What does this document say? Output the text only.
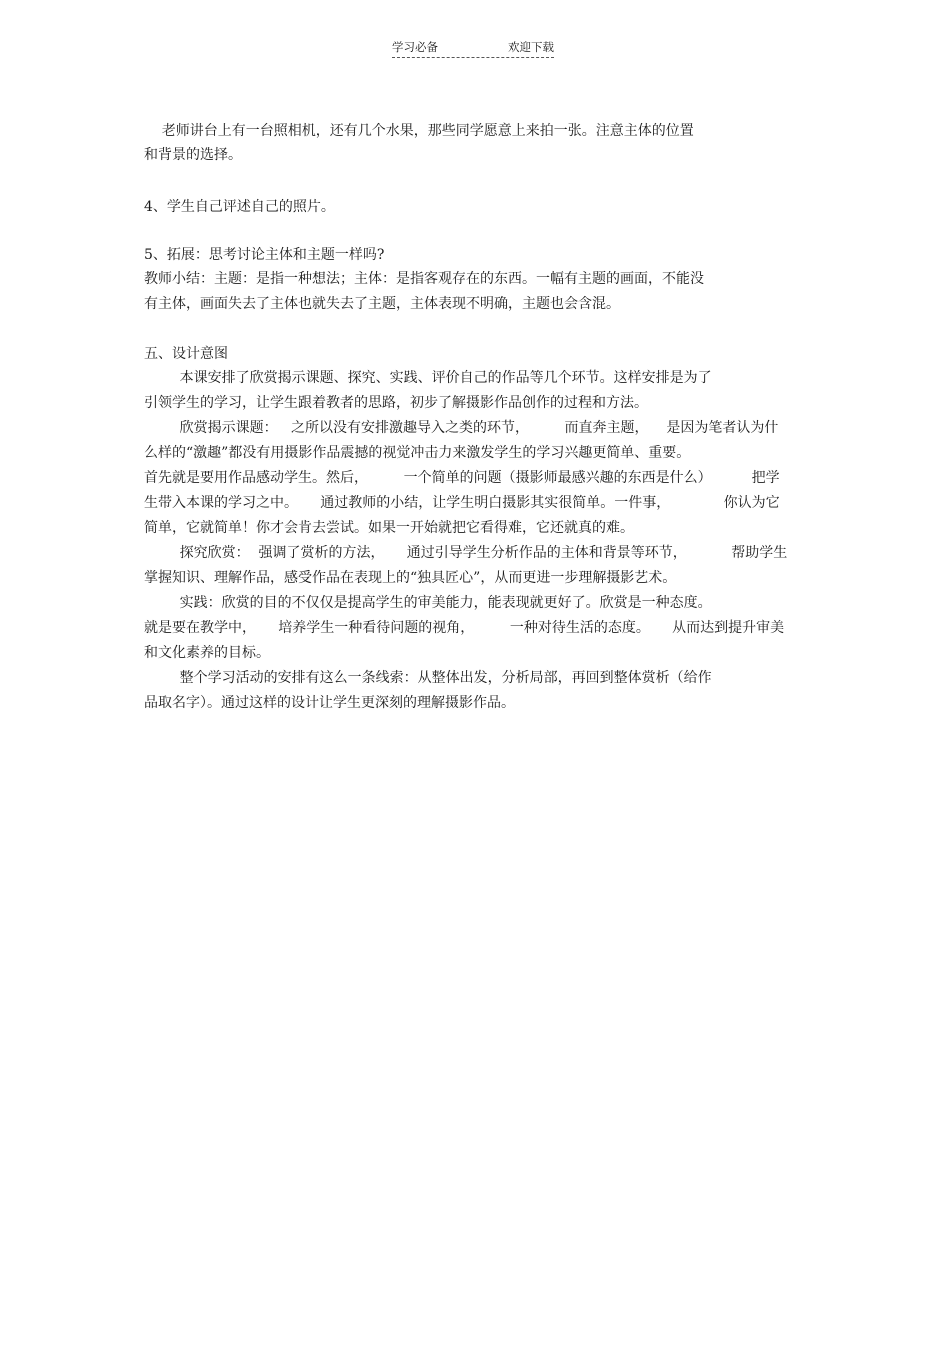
学习必备	欢迎下载
老师讲台上有一台照相机，还有几个水果，那些同学愿意上来拍一张。注意主体的位置
和背景的选择。
4、学生自己评述自己的照片。
5、拓展：思考讨论主体和主题一样吗?
教师小结：主题：是指一种想法；主体：是指客观存在的东西。一幅有主题的画面，不能没
有主体，画面失去了主体也就失去了主题，主体表现不明确，主题也会含混。
五、设计意图
本课安排了欣赏揭示课题、探究、实践、评价自己的作品等几个环节。这样安排是为了
引领学生的学习，让学生跟着教者的思路，初步了解摄影作品创作的过程和方法。
欣赏揭示课题：   之所以没有安排激趣导入之类的环节，        而直奔主题，    是因为笔者认为什
么样的“激趣”都没有用摄影作品震撼的视觉冲击力来激发学生的学习兴趣更简单、重要。
首先就是要用作品感动学生。然后，        一个简单的问题（摄影师最感兴趣的东西是什么）         把学
生带入本课的学习之中。     通过教师的小结，让学生明白摄影其实很简单。一件事，            你认为它
简单，它就简单！你才会肯去尝试。如果一开始就把它看得难，它还就真的难。
探究欣赏：  强调了赏析的方法，     通过引导学生分析作品的主体和背景等环节，          帮助学生
掌握知识、理解作品，感受作品在表现上的“独具匠心”，从而更进一步理解摄影艺术。
实践：欣赏的目的不仅仅是提高学生的审美能力，能表现就更好了。欣赏是一种态度。
就是要在教学中，     培养学生一种看待问题的视角，        一种对待生活的态度。     从而达到提升审美
和文化素养的目标。
整个学习活动的安排有这么一条线索：从整体出发，分析局部，再回到整体赏析（给作
品取名字）。通过这样的设计让学生更深刻的理解摄影作品。
